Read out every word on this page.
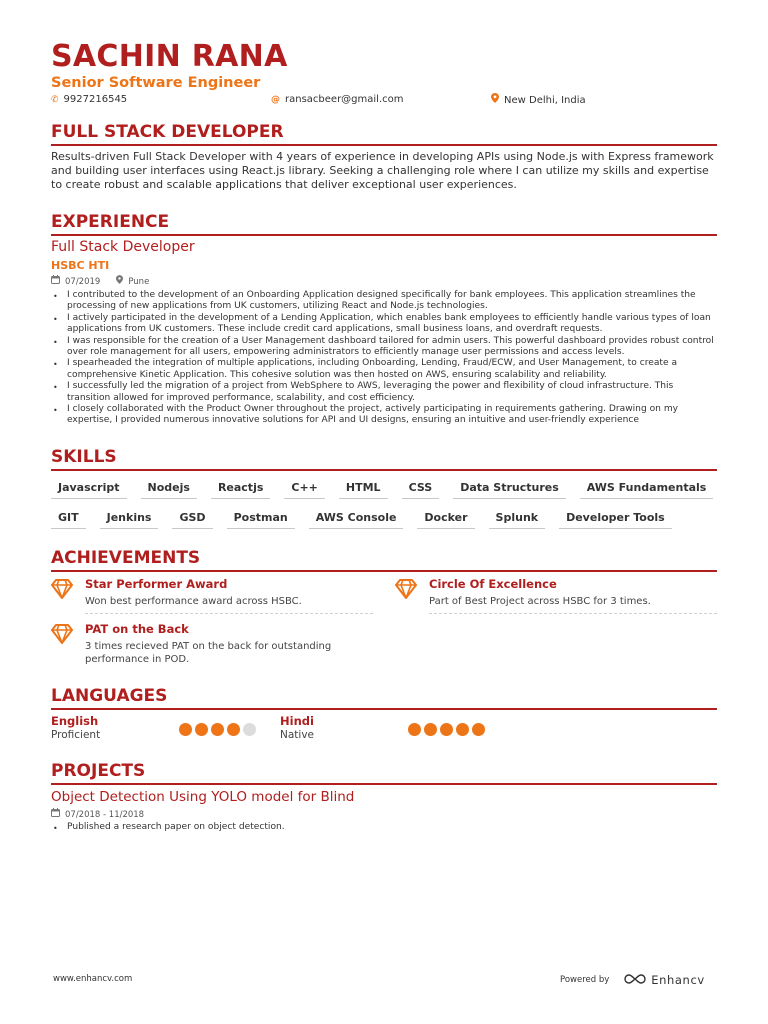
SACHIN RANA
Senior Software Engineer
✆ 9927216545	@ ransacbeer@gmail.com	New Delhi, India
FULL STACK DEVELOPER
Results-driven Full Stack Developer with 4 years of experience in developing APIs using Node.js with Express framework and building user interfaces using React.js library. Seeking a challenging role where I can utilize my skills and expertise to create robust and scalable applications that deliver exceptional user experiences.
EXPERIENCE
Full Stack Developer
HSBC HTI
07/2019	Pune
• I contributed to the development of an Onboarding Application designed specifically for bank employees. This application streamlines the processing of new applications from UK customers, utilizing React and Node.js technologies.
• I actively participated in the development of a Lending Application, which enables bank employees to efficiently handle various types of loan applications from UK customers. These include credit card applications, small business loans, and overdraft requests.
• I was responsible for the creation of a User Management dashboard tailored for admin users. This powerful dashboard provides robust control over role management for all users, empowering administrators to efficiently manage user permissions and access levels.
• I spearheaded the integration of multiple applications, including Onboarding, Lending, Fraud/ECW, and User Management, to create a comprehensive Kinetic Application. This cohesive solution was then hosted on AWS, ensuring scalability and reliability.
• I successfully led the migration of a project from WebSphere to AWS, leveraging the power and flexibility of cloud infrastructure. This transition allowed for improved performance, scalability, and cost efficiency.
• I closely collaborated with the Product Owner throughout the project, actively participating in requirements gathering. Drawing on my expertise, I provided numerous innovative solutions for API and UI designs, ensuring an intuitive and user-friendly experience
SKILLS
Javascript	Nodejs	Reactjs	C++	HTML	CSS	Data Structures	AWS Fundamentals
GIT	Jenkins	GSD	Postman	AWS Console	Docker	Splunk	Developer Tools
ACHIEVEMENTS
Star Performer Award
Won best performance award across HSBC.
Circle Of Excellence
Part of Best Project across HSBC for 3 times.
PAT on the Back
3 times recieved PAT on the back for outstanding performance in POD.
LANGUAGES
English
Proficient
Hindi
Native
PROJECTS
Object Detection Using YOLO model for Blind
07/2018 - 11/2018
• Published a research paper on object detection.
www.enhancv.com	Powered by	Enhancv
